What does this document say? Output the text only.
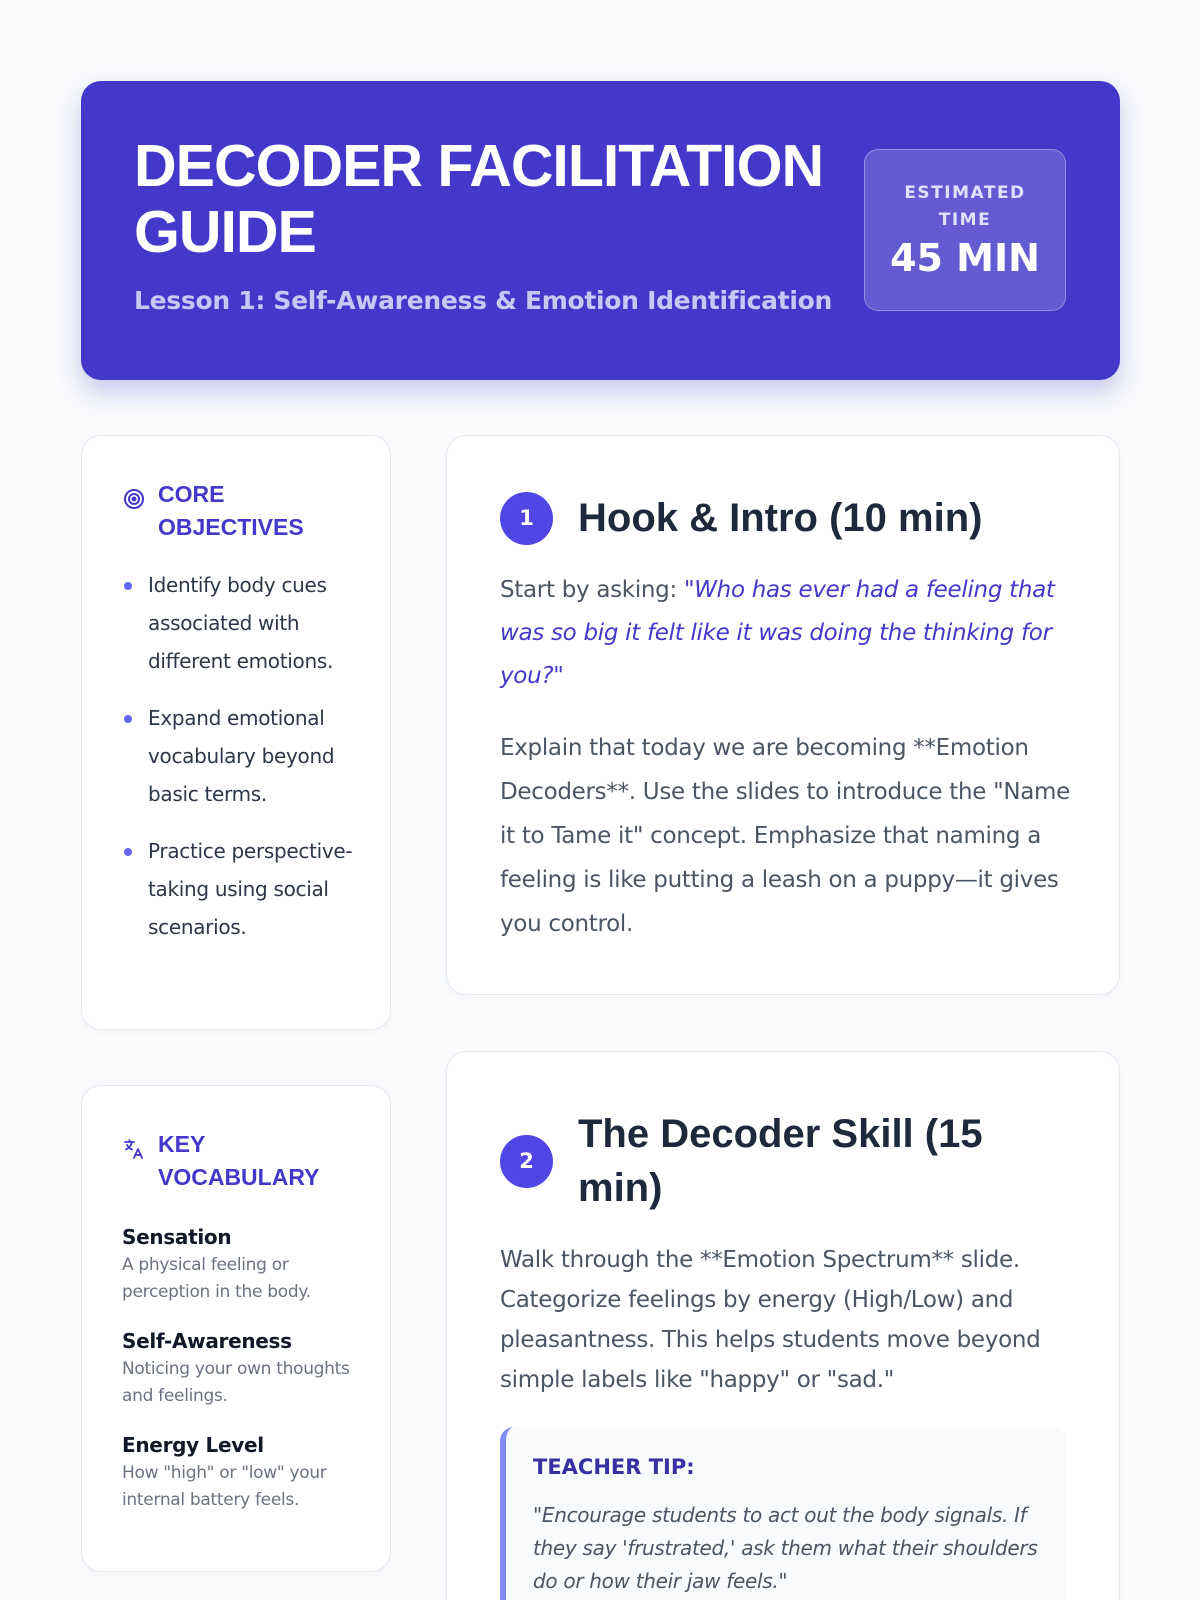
DECODER FACILITATION GUIDE
Lesson 1: Self-Awareness & Emotion Identification
ESTIMATED TIME
45 MIN
CORE OBJECTIVES
Identify body cues associated with different emotions.
Expand emotional vocabulary beyond basic terms.
Practice perspective-taking using social scenarios.
KEY VOCABULARY
Sensation
A physical feeling or perception in the body.
Self-Awareness
Noticing your own thoughts and feelings.
Energy Level
How "high" or "low" your internal battery feels.
1	Hook & Intro (10 min)

Start by asking: "Who has ever had a feeling that was so big it felt like it was doing the thinking for you?"

Explain that today we are becoming **Emotion Decoders**. Use the slides to introduce the "Name it to Tame it" concept. Emphasize that naming a feeling is like putting a leash on a puppy—it gives you control.

2
The Decoder Skill (15 min)

Walk through the **Emotion Spectrum** slide. Categorize feelings by energy (High/Low) and pleasantness. This helps students move beyond simple labels like "happy" or "sad."

TEACHER TIP:
"Encourage students to act out the body signals. If they say 'frustrated,' ask them what their shoulders do or how their jaw feels."
